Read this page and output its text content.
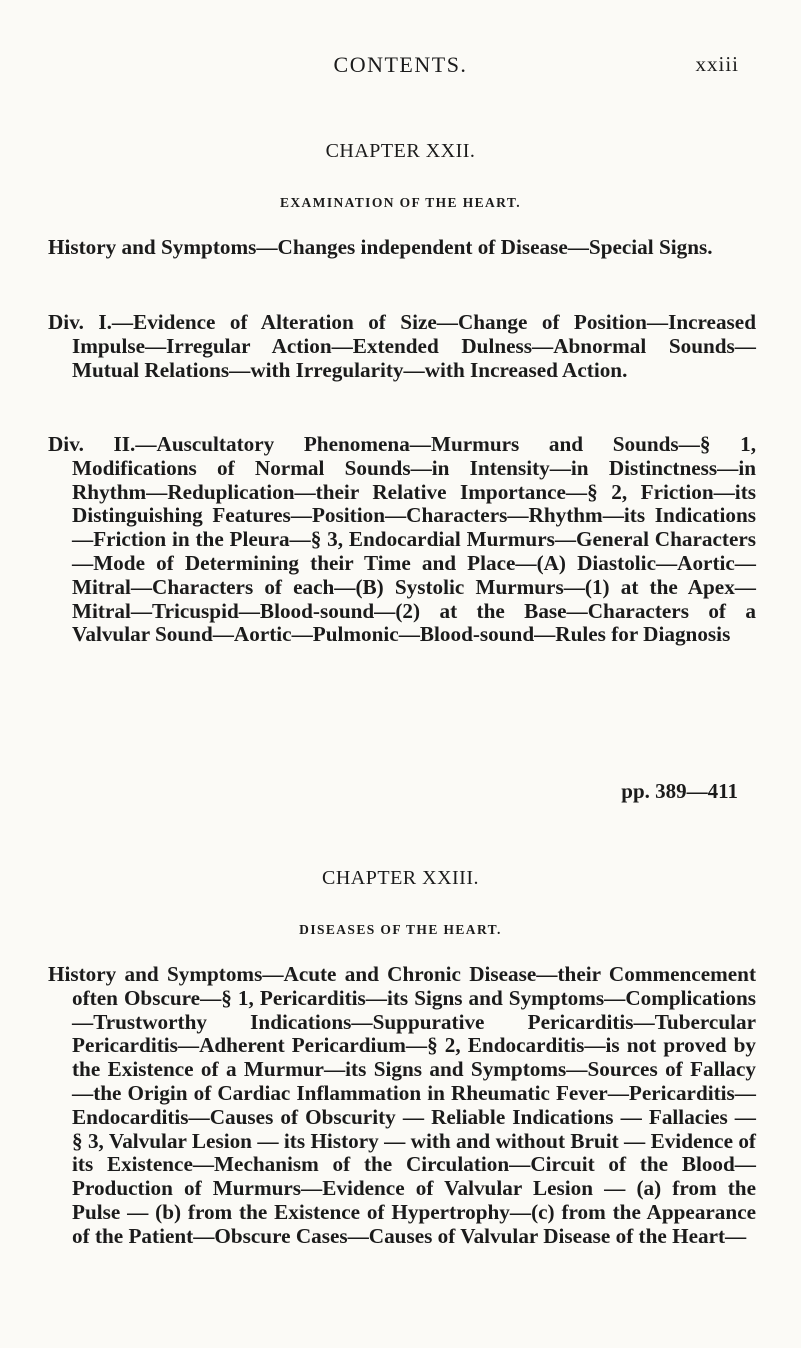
CONTENTS.	xxiii
CHAPTER XXII.
EXAMINATION OF THE HEART.
History and Symptoms—Changes independent of Disease—Special Signs.
Div. I.—Evidence of Alteration of Size—Change of Position—Increased Impulse—Irregular Action—Extended Dulness—Abnormal Sounds—Mutual Relations—with Irregularity—with Increased Action.
Div. II.—Auscultatory Phenomena—Murmurs and Sounds—§ 1, Modifications of Normal Sounds—in Intensity—in Distinctness—in Rhythm—Reduplication—their Relative Importance—§ 2, Friction—its Distinguishing Features—Position—Characters—Rhythm—its Indications—Friction in the Pleura—§ 3, Endocardial Murmurs—General Characters—Mode of Determining their Time and Place—(A) Diastolic—Aortic—Mitral—Characters of each—(B) Systolic Murmurs—(1) at the Apex—Mitral—Tricuspid—Blood-sound—(2) at the Base—Characters of a Valvular Sound—Aortic—Pulmonic—Blood-sound—Rules for Diagnosis
pp. 389—411
CHAPTER XXIII.
DISEASES OF THE HEART.
History and Symptoms—Acute and Chronic Disease—their Commencement often Obscure—§ 1, Pericarditis—its Signs and Symptoms—Complications—Trustworthy Indications—Suppurative Pericarditis—Tubercular Pericarditis—Adherent Pericardium—§ 2, Endocarditis—is not proved by the Existence of a Murmur—its Signs and Symptoms—Sources of Fallacy—the Origin of Cardiac Inflammation in Rheumatic Fever—Pericarditis—Endocarditis—Causes of Obscurity — Reliable Indications — Fallacies — § 3, Valvular Lesion — its History — with and without Bruit — Evidence of its Existence—Mechanism of the Circulation—Circuit of the Blood—Production of Murmurs—Evidence of Valvular Lesion — (a) from the Pulse — (b) from the Existence of Hypertrophy—(c) from the Appearance of the Patient—Obscure Cases—Causes of Valvular Disease of the Heart—
